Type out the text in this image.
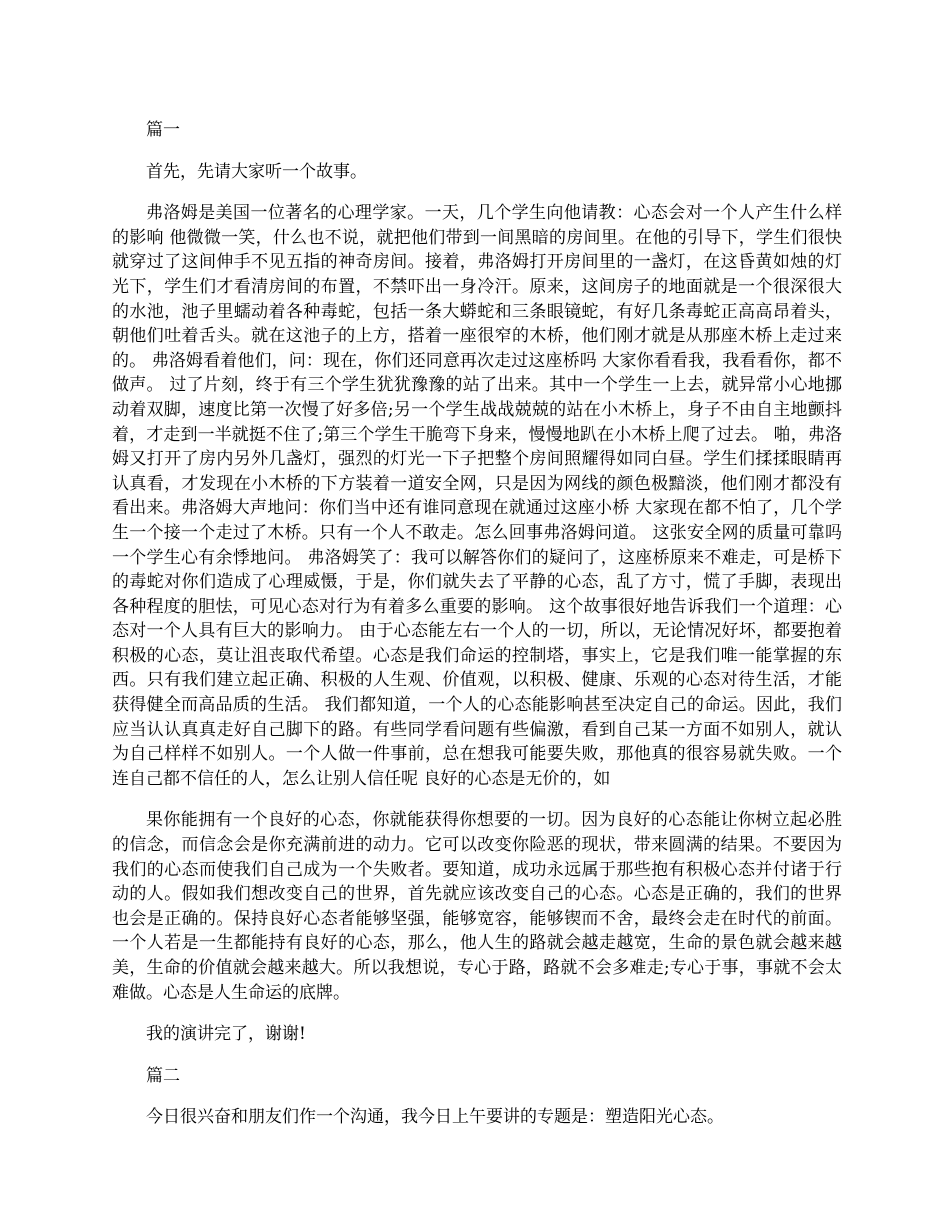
篇一

首先，先请大家听一个故事。

弗洛姆是美国一位著名的心理学家。一天，几个学生向他请教：心态会对一个人产生什么样的影响 他微微一笑，什么也不说，就把他们带到一间黑暗的房间里。在他的引导下，学生们很快就穿过了这间伸手不见五指的神奇房间。接着，弗洛姆打开房间里的一盏灯，在这昏黄如烛的灯光下，学生们才看清房间的布置，不禁吓出一身冷汗。原来，这间房子的地面就是一个很深很大的水池，池子里蠕动着各种毒蛇，包括一条大蟒蛇和三条眼镜蛇，有好几条毒蛇正高高昂着头，朝他们吐着舌头。就在这池子的上方，搭着一座很窄的木桥，他们刚才就是从那座木桥上走过来的。 弗洛姆看着他们，问：现在，你们还同意再次走过这座桥吗 大家你看看我，我看看你，都不做声。 过了片刻，终于有三个学生犹犹豫豫的站了出来。其中一个学生一上去，就异常小心地挪动着双脚，速度比第一次慢了好多倍;另一个学生战战兢兢的站在小木桥上，身子不由自主地颤抖着，才走到一半就挺不住了;第三个学生干脆弯下身来，慢慢地趴在小木桥上爬了过去。 啪，弗洛姆又打开了房内另外几盏灯，强烈的灯光一下子把整个房间照耀得如同白昼。学生们揉揉眼睛再认真看，才发现在小木桥的下方装着一道安全网，只是因为网线的颜色极黯淡，他们刚才都没有看出来。弗洛姆大声地问：你们当中还有谁同意现在就通过这座小桥 大家现在都不怕了，几个学生一个接一个走过了木桥。只有一个人不敢走。怎么回事弗洛姆问道。 这张安全网的质量可靠吗一个学生心有余悸地问。 弗洛姆笑了：我可以解答你们的疑问了，这座桥原来不难走，可是桥下的毒蛇对你们造成了心理威慑，于是，你们就失去了平静的心态，乱了方寸，慌了手脚，表现出各种程度的胆怯，可见心态对行为有着多么重要的影响。 这个故事很好地告诉我们一个道理：心态对一个人具有巨大的影响力。 由于心态能左右一个人的一切，所以，无论情况好坏，都要抱着积极的心态，莫让沮丧取代希望。心态是我们命运的控制塔，事实上，它是我们唯一能掌握的东西。只有我们建立起正确、积极的人生观、价值观，以积极、健康、乐观的心态对待生活，才能获得健全而高品质的生活。 我们都知道，一个人的心态能影响甚至决定自己的命运。因此，我们应当认认真真走好自己脚下的路。有些同学看问题有些偏激，看到自己某一方面不如别人，就认为自己样样不如别人。一个人做一件事前，总在想我可能要失败，那他真的很容易就失败。一个连自己都不信任的人，怎么让别人信任呢 良好的心态是无价的，如

果你能拥有一个良好的心态，你就能获得你想要的一切。因为良好的心态能让你树立起必胜的信念，而信念会是你充满前进的动力。它可以改变你险恶的现状，带来圆满的结果。不要因为我们的心态而使我们自己成为一个失败者。要知道，成功永远属于那些抱有积极心态并付诸于行动的人。假如我们想改变自己的世界，首先就应该改变自己的心态。心态是正确的，我们的世界也会是正确的。保持良好心态者能够坚强，能够宽容，能够锲而不舍，最终会走在时代的前面。一个人若是一生都能持有良好的心态，那么，他人生的路就会越走越宽，生命的景色就会越来越美，生命的价值就会越来越大。所以我想说，专心于路，路就不会多难走;专心于事，事就不会太难做。心态是人生命运的底牌。

我的演讲完了，谢谢!

篇二

今日很兴奋和朋友们作一个沟通，我今日上午要讲的专题是：塑造阳光心态。
